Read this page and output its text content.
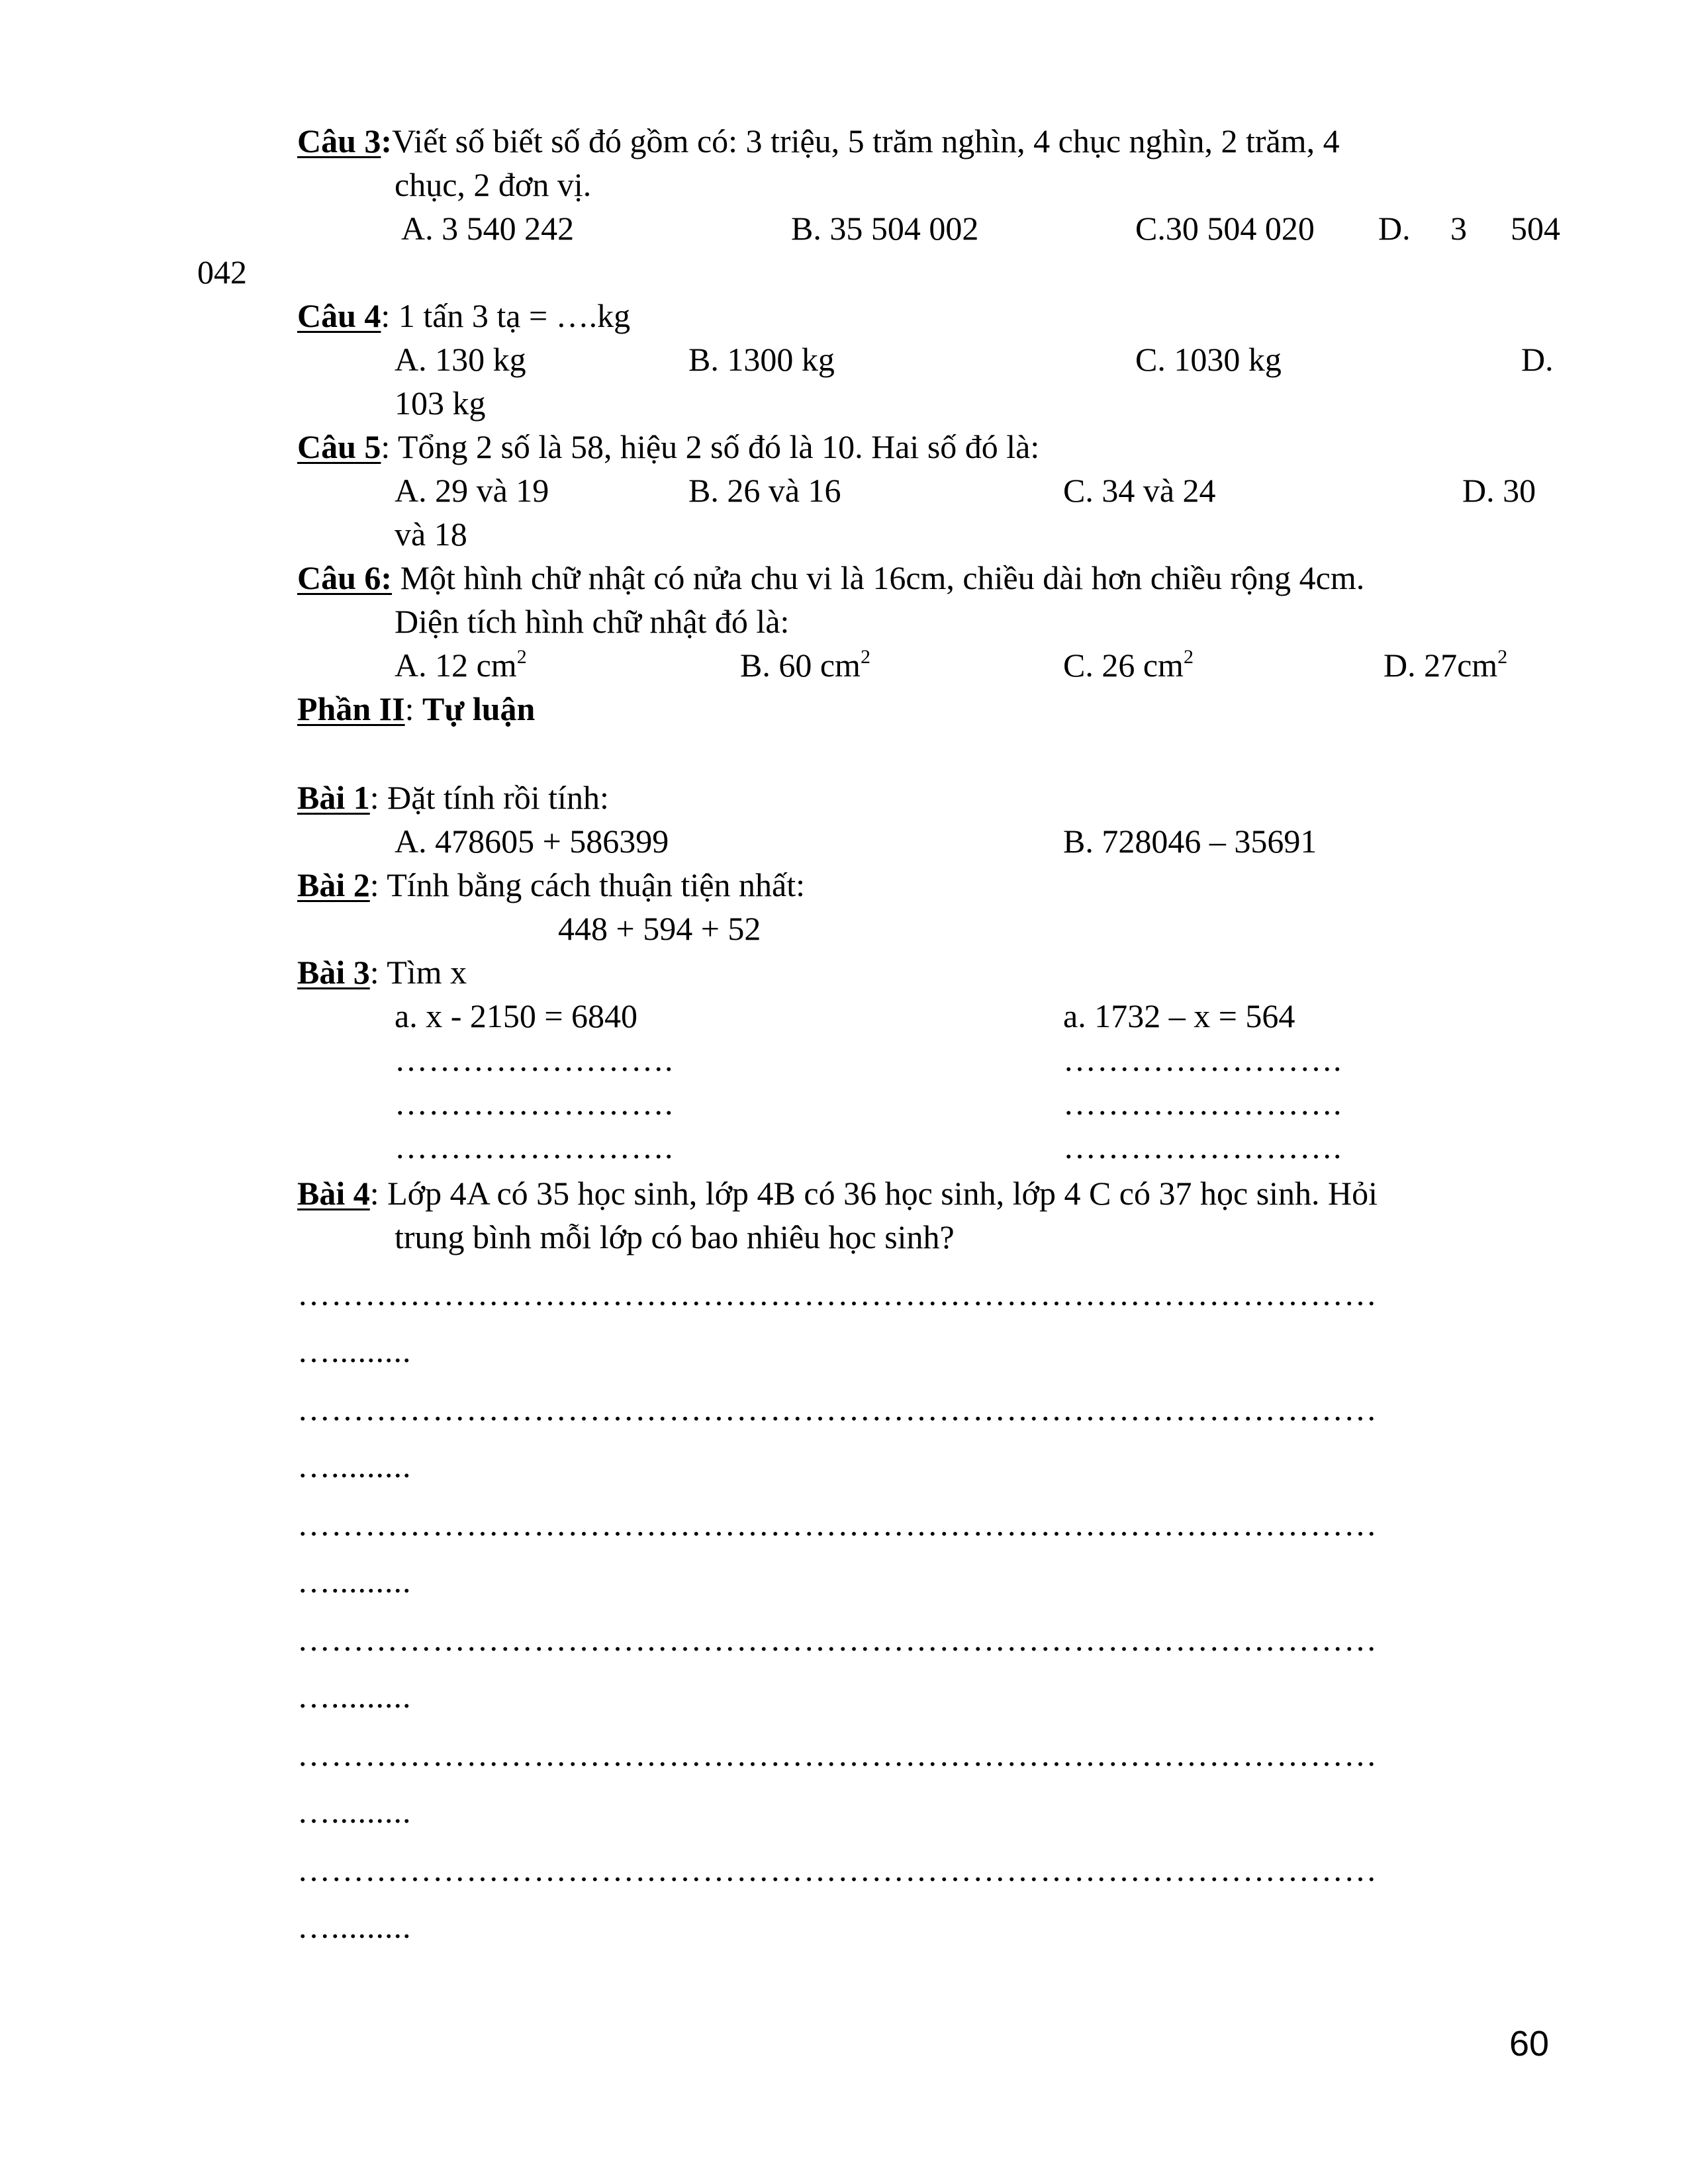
Câu 3:Viết số biết số đó gồm có: 3 triệu, 5 trăm nghìn, 4 chục nghìn, 2 trăm, 4
chục, 2 đơn vị.
A. 3 540 242	B. 35 504 002	C.30 504 020 D. 3 504
042
Câu 4: 1 tấn 3 tạ = ….kg
A. 130 kg	B. 1300 kg	C. 1030 kg	D.
103 kg
Câu 5: Tổng 2 số là 58, hiệu 2 số đó là 10. Hai số đó là:
A. 29 và 19	B. 26 và 16	C. 34 và 24	D. 30
và 18
Câu 6: Một hình chữ nhật có nửa chu vi là 16cm, chiều dài hơn chiều rộng 4cm.
Diện tích hình chữ nhật đó là:
A. 12 $cm^2$	B. 60 $cm^2$	C. 26 $cm^2$	D. $27cm^2$
Phần II: Tự luận
Bài 1: Đặt tính rồi tính:
A. 478605 + 586399	B. 728046 – 35691
Bài 2: Tính bằng cách thuận tiện nhất:
448 + 594 + 52
Bài 3: Tìm x
a. x - 2150 = 6840	a. 1732 – x = 564
…………………….	…………………….
…………………….	…………………….
…………………….	…………………….
Bài 4: Lớp 4A có 35 học sinh, lớp 4B có 36 học sinh, lớp 4 C có 37 học sinh. Hỏi
trung bình mỗi lớp có bao nhiêu học sinh?
……………………………………………………………………………………
….........
……………………………………………………………………………………
….........
……………………………………………………………………………………
….........
……………………………………………………………………………………
….........
……………………………………………………………………………………
….........
……………………………………………………………………………………
….........
60
